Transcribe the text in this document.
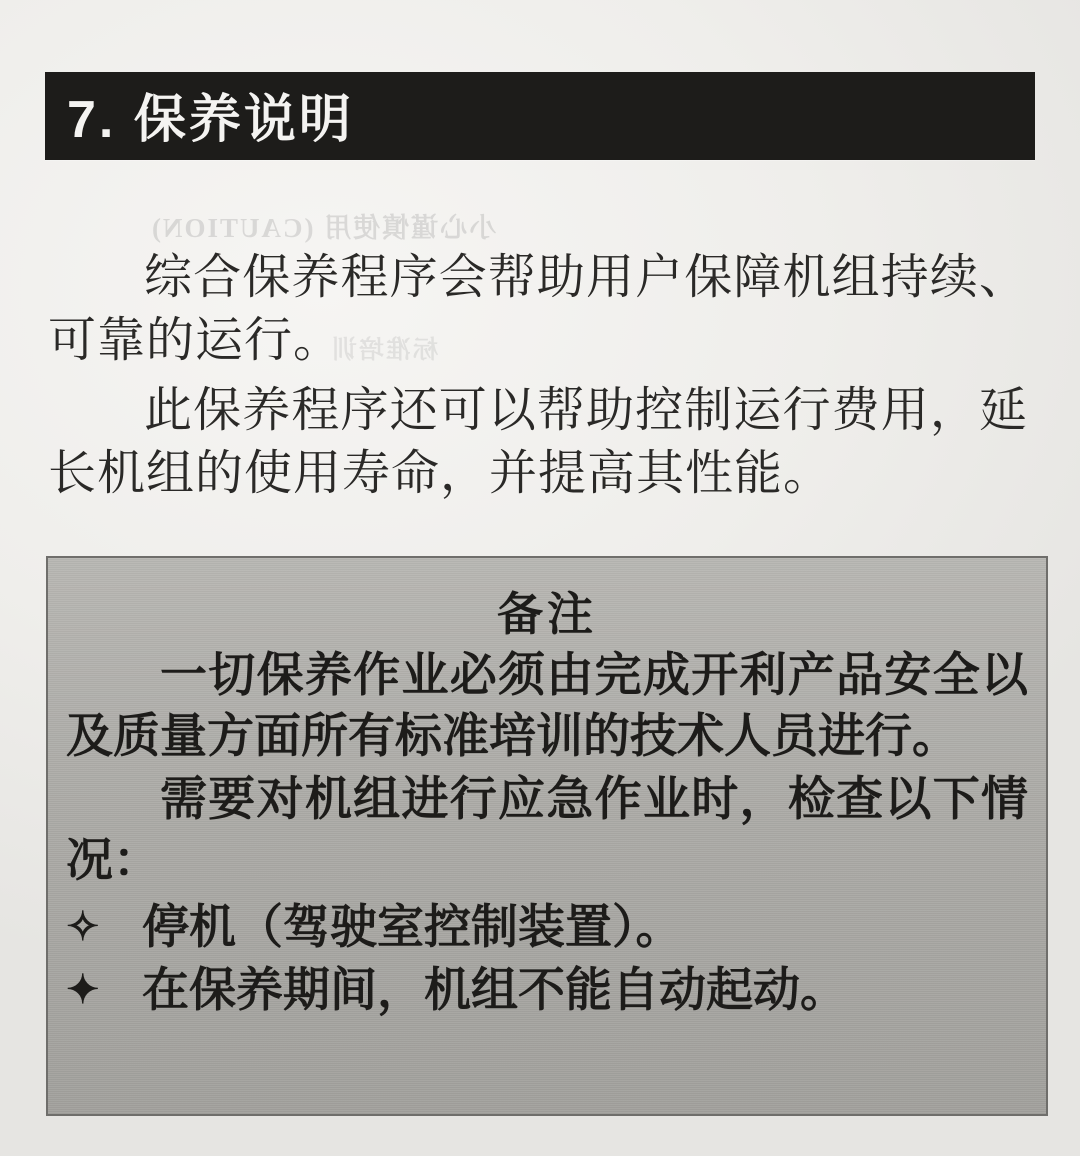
小心谨慎使用 (CAUTION)
标准培训
7. 保养说明

综合保养程序会帮助用户保障机组持续、可靠的运行。

此保养程序还可以帮助控制运行费用，延长机组的使用寿命，并提高其性能。

备注

一切保养作业必须由完成开利产品安全以及质量方面所有标准培训的技术人员进行。

需要对机组进行应急作业时，检查以下情况：

✧ 停机（驾驶室控制装置）。
✦ 在保养期间，机组不能自动起动。
